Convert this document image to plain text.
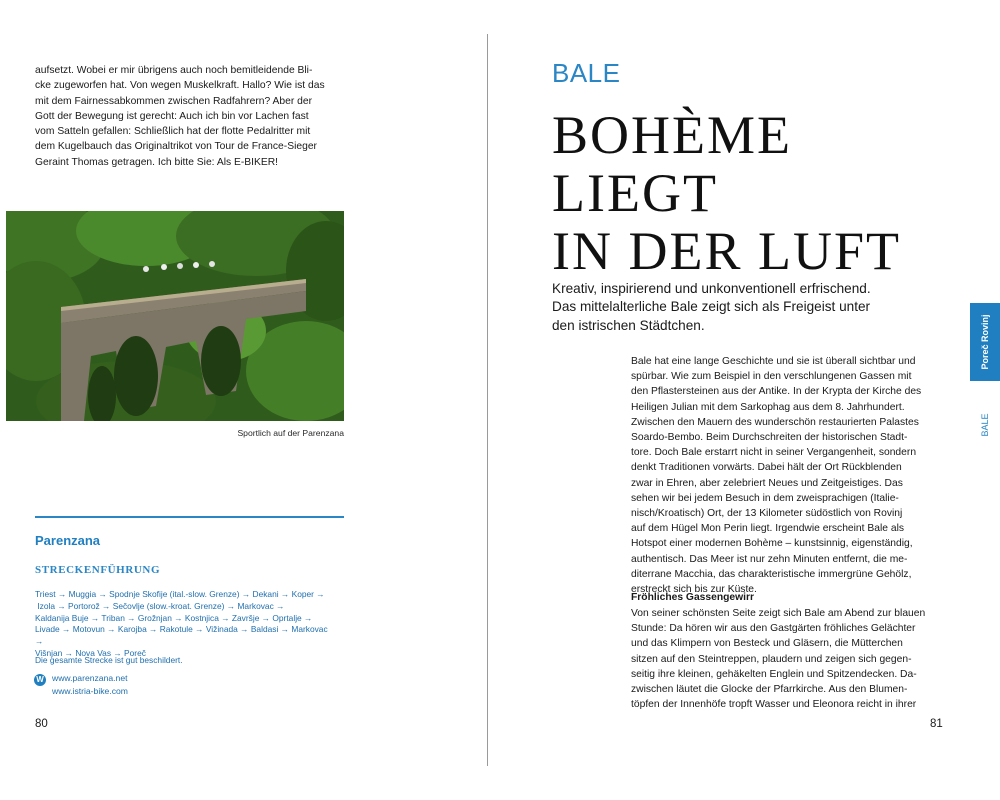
aufsetzt. Wobei er mir übrigens auch noch bemitleidende Bli-
cke zugeworfen hat. Von wegen Muskelkraft. Hallo? Wie ist das
mit dem Fairnessabkommen zwischen Radfahrern? Aber der
Gott der Bewegung ist gerecht: Auch ich bin vor Lachen fast
vom Satteln gefallen: Schließlich hat der flotte Pedalritter mit
dem Kugelbauch das Originaltrikot von Tour de France-Sieger
Geraint Thomas getragen. Ich bitte Sie: Als E-BIKER!

Sportlich auf der Parenzana
Parenzana
STRECKENFÜHRUNG

Triest → Muggia → Spodnje Skofije (ital.-slow. Grenze) → Dekani → Koper →
Izola → Portorož → Sečovlje (slow.-kroat. Grenze) → Markovac →
Kaldanija Buje → Triban → Grožnjan → Kostnjica → Završje → Oprtalje →
Livade → Motovun → Karojba → Rakotule → Vižinada → Baldasi → Markovac →
Višnjan → Nova Vas → Poreč

Die gesamte Strecke ist gut beschildert.

W www.parenzana.net
www.istria-bike.com
80
BALE
BOHÈME
LIEGT
IN DER LUFT

Kreativ, inspirierend und unkonventionell erfrischend.
Das mittelalterliche Bale zeigt sich als Freigeist unter
den istrischen Städtchen.

Bale hat eine lange Geschichte und sie ist überall sichtbar und
spürbar. Wie zum Beispiel in den verschlungenen Gassen mit
den Pflastersteinen aus der Antike. In der Krypta der Kirche des
Heiligen Julian mit dem Sarkophag aus dem 8. Jahrhundert.
Zwischen den Mauern des wunderschön restaurierten Palastes
Soardo-Bembo. Beim Durchschreiten der historischen Stadt-
tore. Doch Bale erstarrt nicht in seiner Vergangenheit, sondern
denkt Traditionen vorwärts. Dabei hält der Ort Rückblenden
zwar in Ehren, aber zelebriert Neues und Zeitgeistiges. Das
sehen wir bei jedem Besuch in dem zweisprachigen (Italie-
nisch/Kroatisch) Ort, der 13 Kilometer südöstlich von Rovinj
auf dem Hügel Mon Perin liegt. Irgendwie erscheint Bale als
Hotspot einer modernen Bohème – kunstsinnig, eigenständig,
authentisch. Das Meer ist nur zehn Minuten entfernt, die me-
diterrane Macchia, das charakteristische immergrüne Gehölz,
erstreckt sich bis zur Küste.

Fröhliches Gassengewirr

Von seiner schönsten Seite zeigt sich Bale am Abend zur blauen
Stunde: Da hören wir aus den Gastgärten fröhliches Gelächter
und das Klimpern von Besteck und Gläsern, die Mütterchen
sitzen auf den Steintreppen, plaudern und zeigen sich gegen-
seitig ihre kleinen, gehäkelten Englein und Spitzendecken. Da-
zwischen läutet die Glocke der Pfarrkirche. Aus den Blumen-
töpfen der Innenhöfe tropft Wasser und Eleonora reicht in ihrer

Poreč Rovinj
BALE
81
